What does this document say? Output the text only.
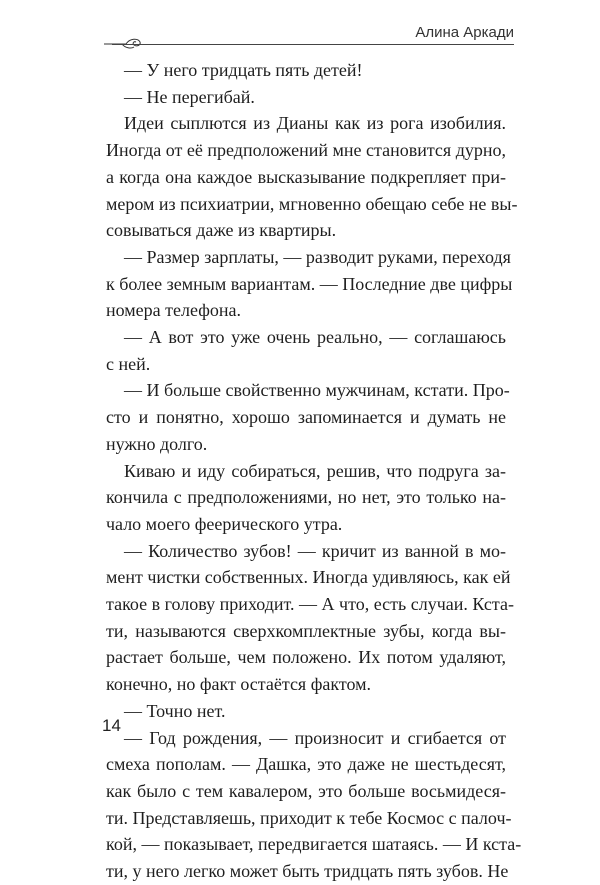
Алина Аркади
— У него тридцать пять детей!
— Не перегибай.
Идеи сыплются из Дианы как из рога изобилия.
Иногда от её предположений мне становится дурно,
а когда она каждое высказывание подкрепляет при-
мером из психиатрии, мгновенно обещаю себе не вы-
совываться даже из квартиры.
— Размер зарплаты, — разводит руками, переходя
к более земным вариантам. — Последние две цифры
номера телефона.
— А вот это уже очень реально, — соглашаюсь
с ней.
— И больше свойственно мужчинам, кстати. Про-
сто и понятно, хорошо запоминается и думать не
нужно долго.
Киваю и иду собираться, решив, что подруга за-
кончила с предположениями, но нет, это только на-
чало моего феерического утра.
— Количество зубов! — кричит из ванной в мо-
мент чистки собственных. Иногда удивляюсь, как ей
такое в голову приходит. — А что, есть случаи. Кста-
ти, называются сверхкомплектные зубы, когда вы-
растает больше, чем положено. Их потом удаляют,
конечно, но факт остаётся фактом.
— Точно нет.
— Год рождения, — произносит и сгибается от
смеха пополам. — Дашка, это даже не шестьдесят,
как было с тем кавалером, это больше восьмидеся-
ти. Представляешь, приходит к тебе Космос с палоч-
кой, — показывает, передвигается шатаясь. — И кста-
ти, у него легко может быть тридцать пять зубов. Не
14
